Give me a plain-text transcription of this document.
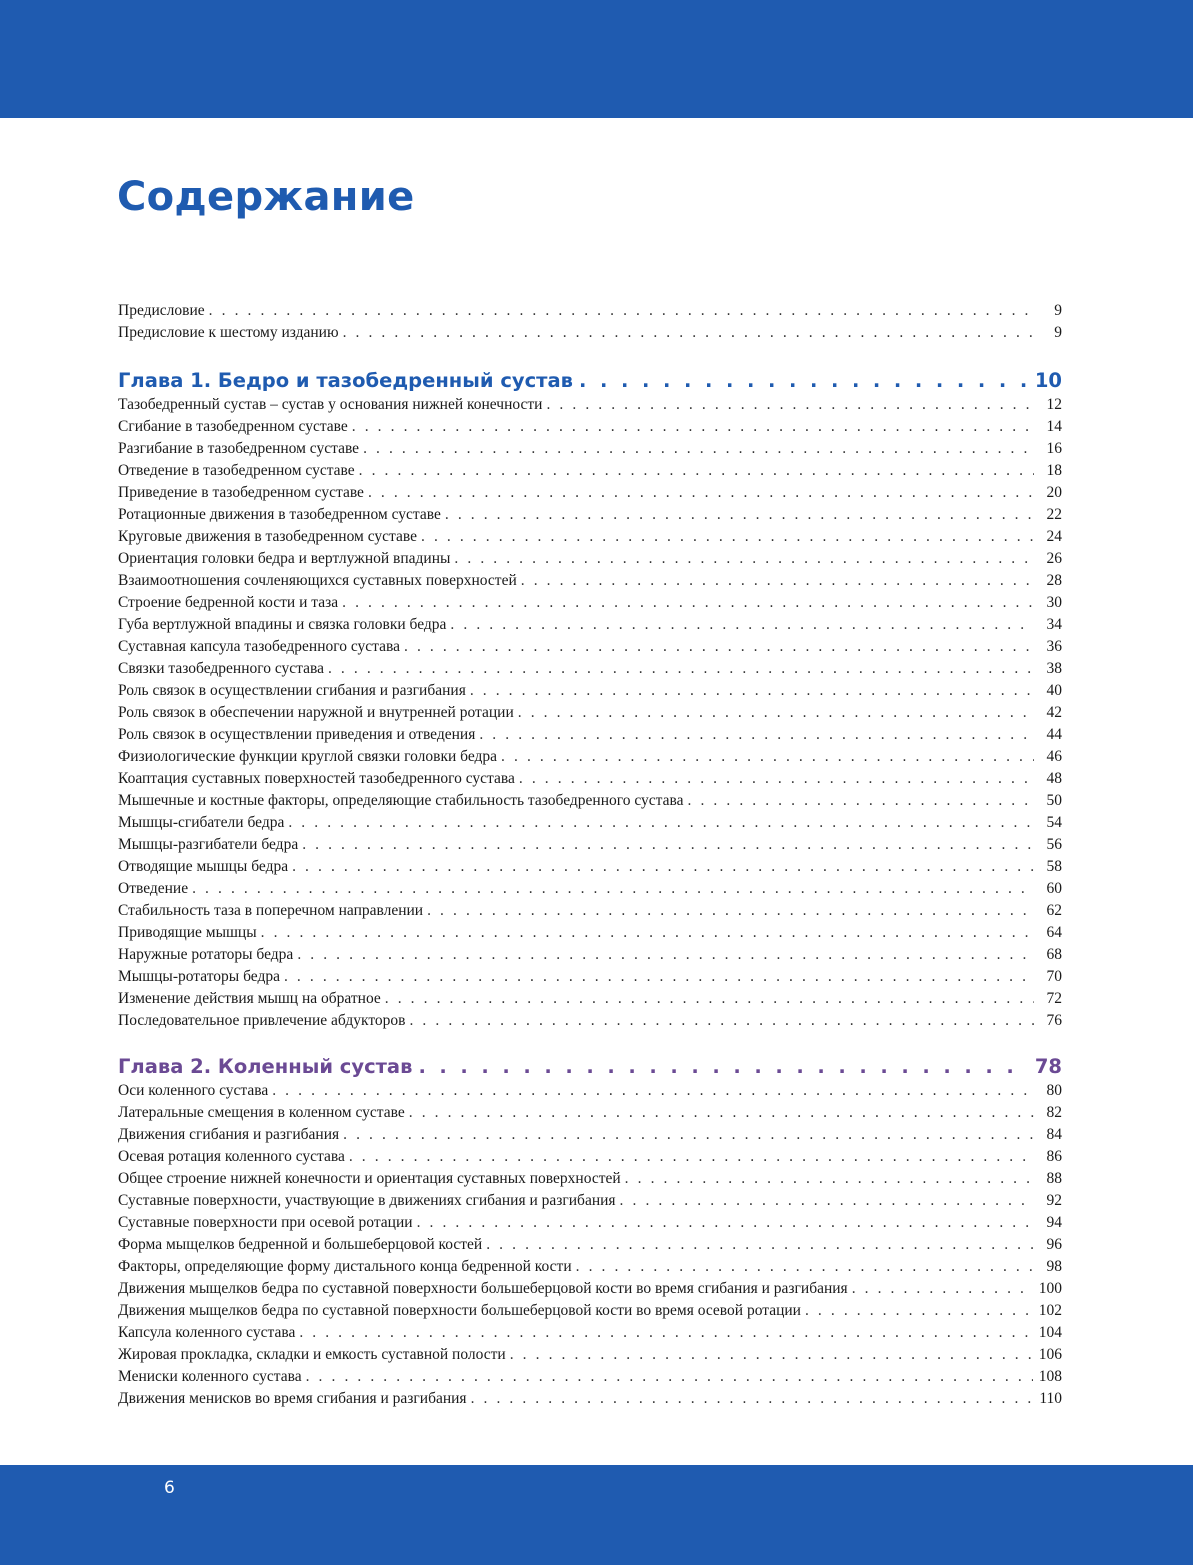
Содержание
Предисловие . . .	9
Предисловие к шестому изданию . . .	9
Глава 1. Бедро и тазобедренный сустав . . .	10
Тазобедренный сустав – сустав у основания нижней конечности . . .	12
Сгибание в тазобедренном суставе . . .	14
Разгибание в тазобедренном суставе . . .	16
Отведение в тазобедренном суставе . . .	18
Приведение в тазобедренном суставе . . .	20
Ротационные движения в тазобедренном суставе . . .	22
Круговые движения в тазобедренном суставе . . .	24
Ориентация головки бедра и вертлужной впадины . . .	26
Взаимоотношения сочленяющихся суставных поверхностей . . .	28
Строение бедренной кости и таза . . .	30
Губа вертлужной впадины и связка головки бедра . . .	34
Суставная капсула тазобедренного сустава . . .	36
Связки тазобедренного сустава . . .	38
Роль связок в осуществлении сгибания и разгибания . . .	40
Роль связок в обеспечении наружной и внутренней ротации . . .	42
Роль связок в осуществлении приведения и отведения . . .	44
Физиологические функции круглой связки головки бедра . . .	46
Коаптация суставных поверхностей тазобедренного сустава . . .	48
Мышечные и костные факторы, определяющие стабильность тазобедренного сустава . . .	50
Мышцы-сгибатели бедра . . .	54
Мышцы-разгибатели бедра . . .	56
Отводящие мышцы бедра . . .	58
Отведение . . .	60
Стабильность таза в поперечном направлении . . .	62
Приводящие мышцы . . .	64
Наружные ротаторы бедра . . .	68
Мышцы-ротаторы бедра . . .	70
Изменение действия мышц на обратное . . .	72
Последовательное привлечение абдукторов . . .	76
Глава 2. Коленный сустав . . .	78
Оси коленного сустава . . .	80
Латеральные смещения в коленном суставе . . .	82
Движения сгибания и разгибания . . .	84
Осевая ротация коленного сустава . . .	86
Общее строение нижней конечности и ориентация суставных поверхностей . . .	88
Суставные поверхности, участвующие в движениях сгибания и разгибания . . .	92
Суставные поверхности при осевой ротации . . .	94
Форма мыщелков бедренной и большеберцовой костей . . .	96
Факторы, определяющие форму дистального конца бедренной кости . . .	98
Движения мыщелков бедра по суставной поверхности большеберцовой кости во время сгибания и разгибания . . .	100
Движения мыщелков бедра по суставной поверхности большеберцовой кости во время осевой ротации . . .	102
Капсула коленного сустава . . .	104
Жировая прокладка, складки и емкость суставной полости . . .	106
Мениски коленного сустава . . .	108
Движения менисков во время сгибания и разгибания . . .	110
6
